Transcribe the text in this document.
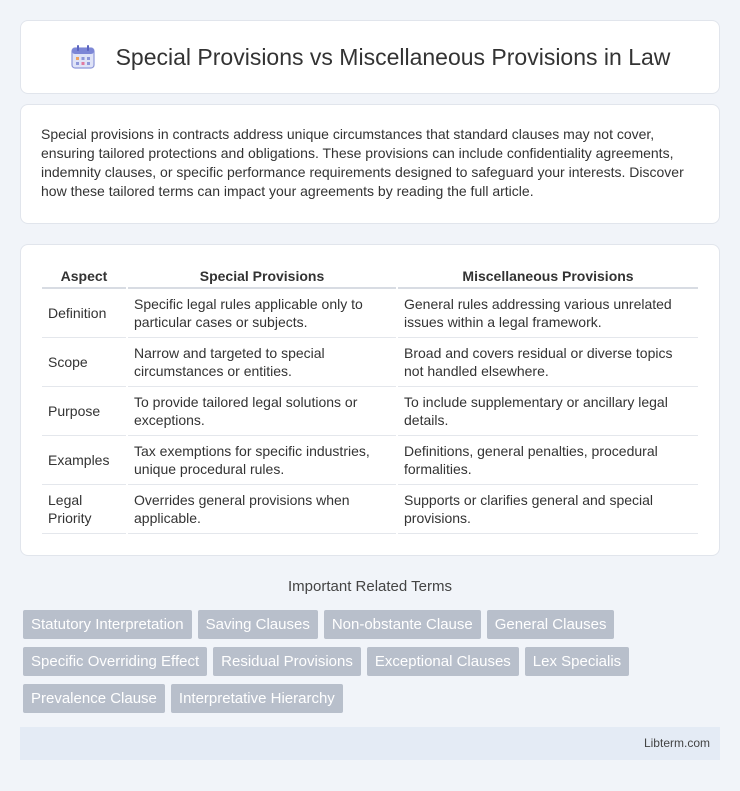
Special Provisions vs Miscellaneous Provisions in Law

Special provisions in contracts address unique circumstances that standard clauses may not cover, ensuring tailored protections and obligations. These provisions can include confidentiality agreements, indemnity clauses, or specific performance requirements designed to safeguard your interests. Discover how these tailored terms can impact your agreements by reading the full article.

Aspect	Special Provisions	Miscellaneous Provisions
Definition	Specific legal rules applicable only to particular cases or subjects.	General rules addressing various unrelated issues within a legal framework.
Scope	Narrow and targeted to special circumstances or entities.	Broad and covers residual or diverse topics not handled elsewhere.
Purpose	To provide tailored legal solutions or exceptions.	To include supplementary or ancillary legal details.
Examples	Tax exemptions for specific industries, unique procedural rules.	Definitions, general penalties, procedural formalities.
Legal Priority	Overrides general provisions when applicable.	Supports or clarifies general and special provisions.
Important Related Terms
Statutory Interpretation Saving Clauses Non-obstante Clause General Clauses
Specific Overriding Effect Residual Provisions Exceptional Clauses Lex Specialis
Prevalence Clause Interpretative Hierarchy
Libterm.com
